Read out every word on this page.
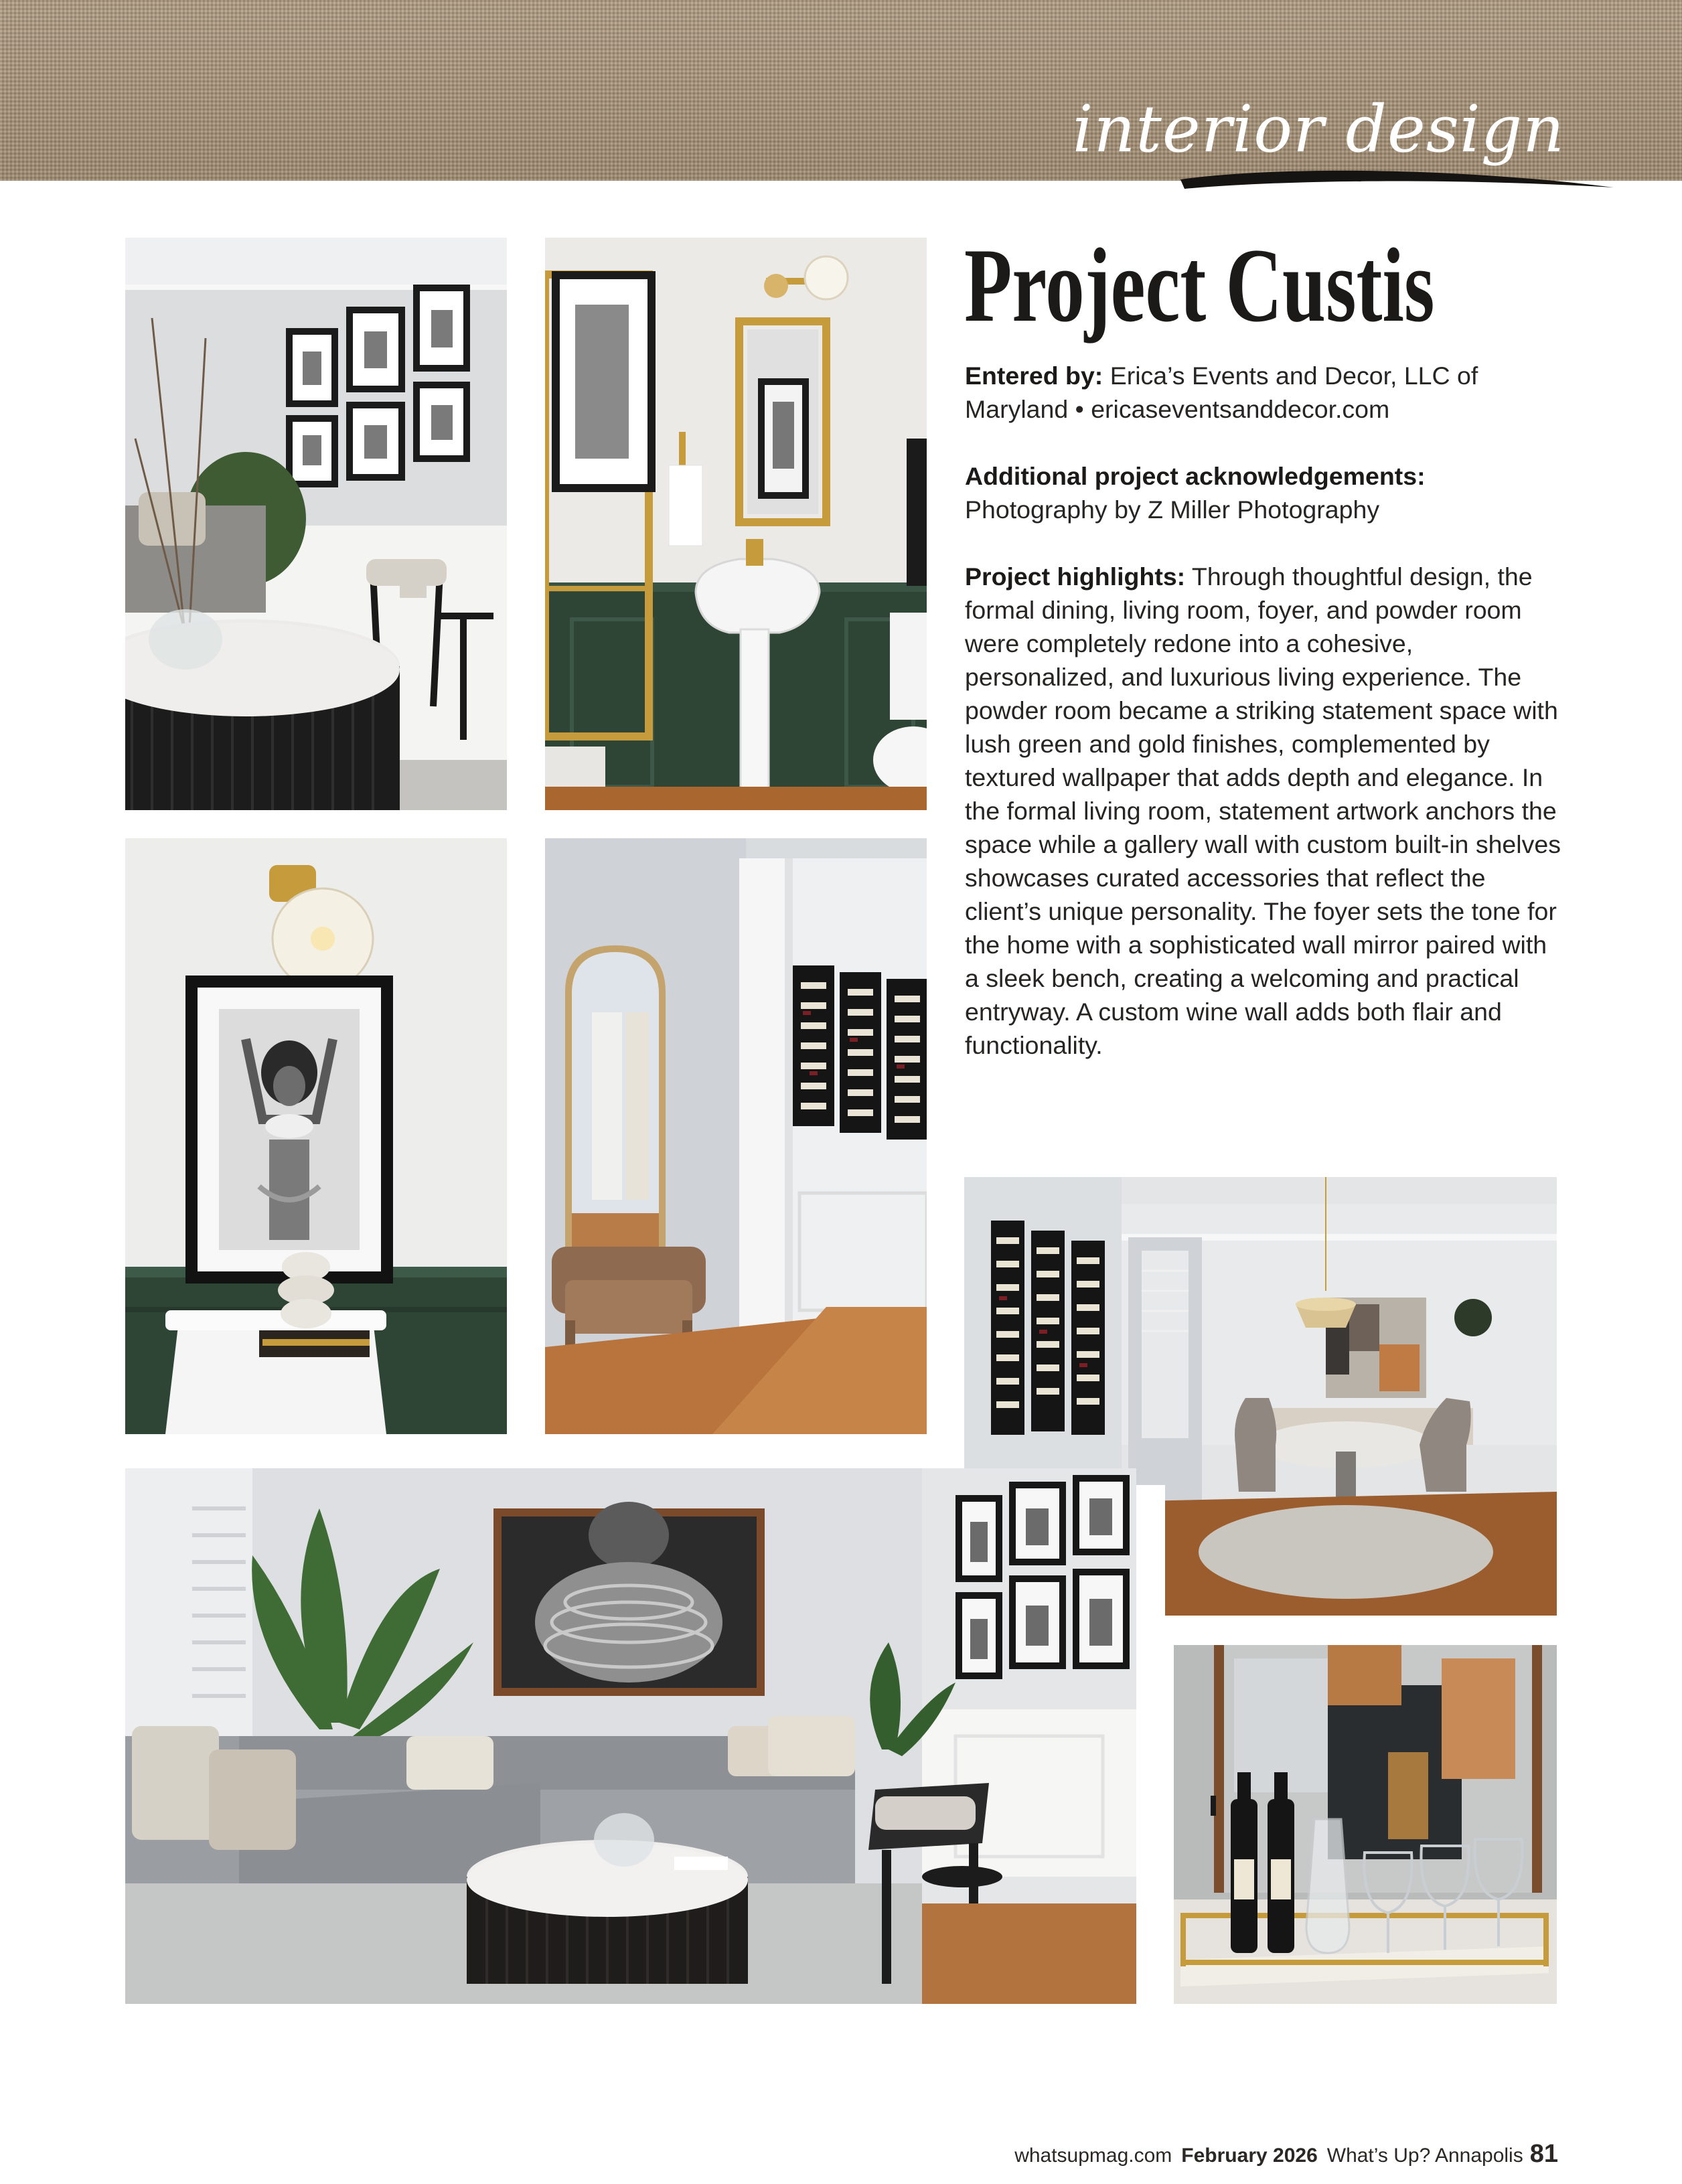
interior design
Project Custis

Entered by: Erica’s Events and Decor, LLC of Maryland • ericaseventsanddecor.com

Additional project acknowledgements:
Photography by Z Miller Photography

Project highlights: Through thoughtful design, the formal dining, living room, foyer, and powder room were completely redone into a cohesive, personalized, and luxurious living experience. The powder room became a striking statement space with lush green and gold finishes, complemented by textured wallpaper that adds depth and elegance. In the formal living room, statement artwork anchors the space while a gallery wall with custom built-in shelves showcases curated accessories that reflect the client’s unique personality. The foyer sets the tone for the home with a sophisticated wall mirror paired with a sleek bench, creating a welcoming and practical entryway. A custom wine wall adds both flair and functionality.

whatsupmag.com February 2026 What’s Up? Annapolis 81
